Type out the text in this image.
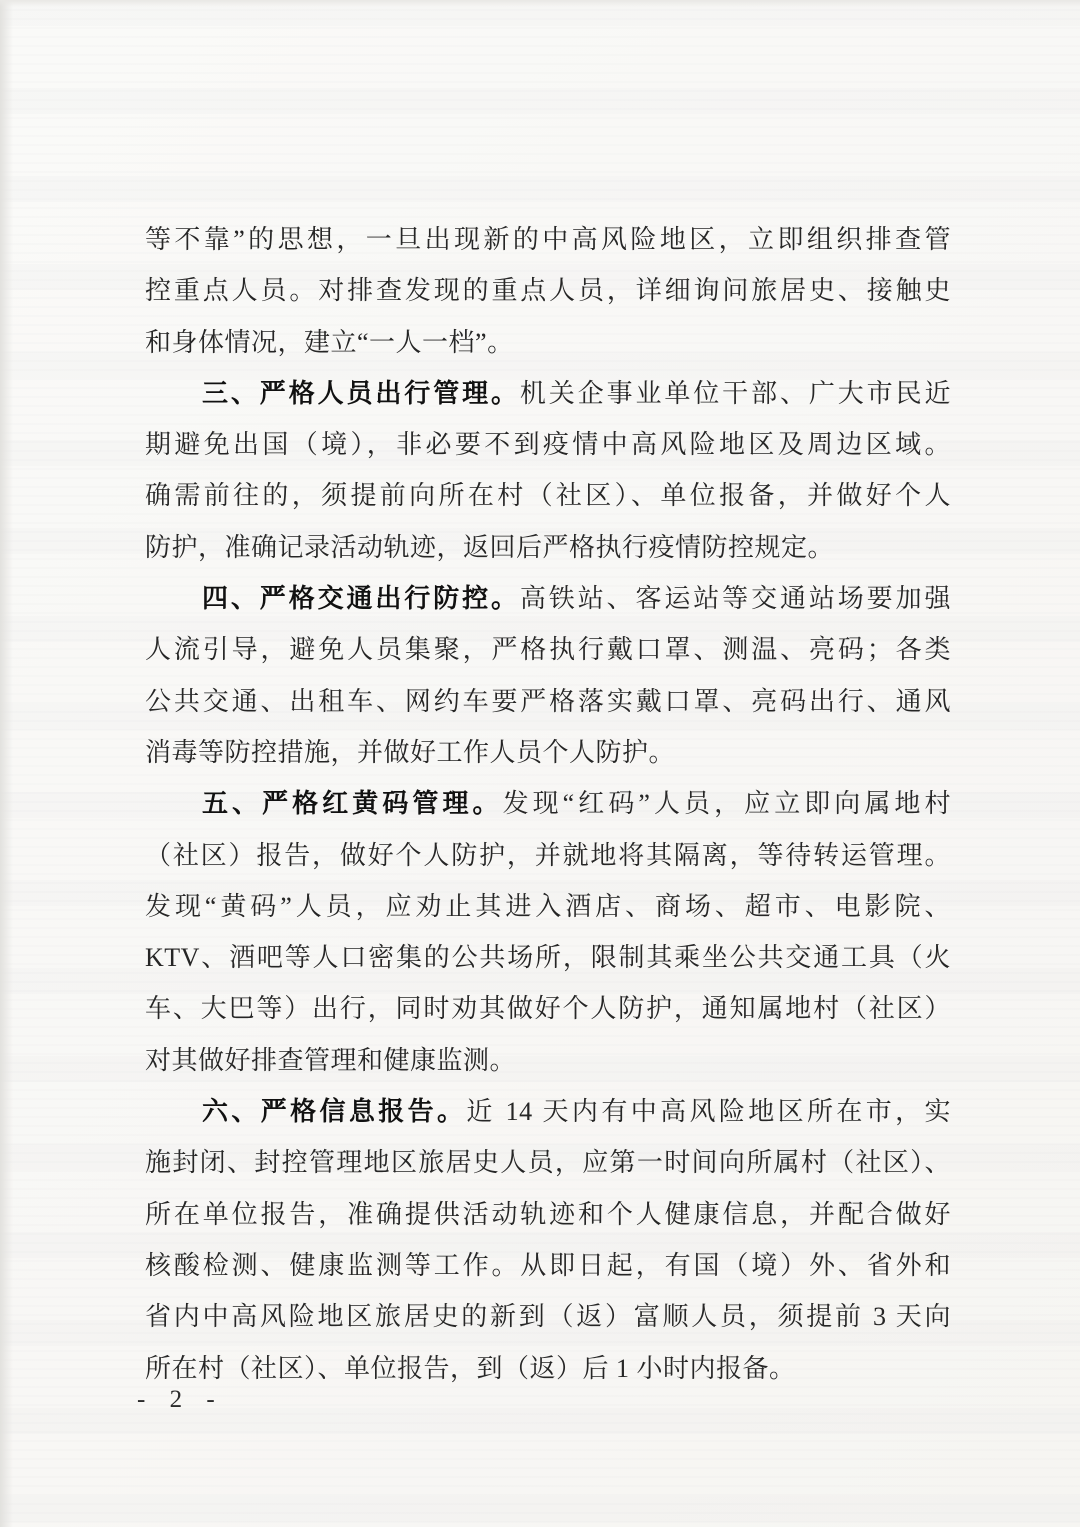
等不靠”的思想，一旦出现新的中高风险地区，立即组织排查管
控重点人员。对排查发现的重点人员，详细询问旅居史、接触史
和身体情况，建立“一人一档”。
三、严格人员出行管理。机关企事业单位干部、广大市民近
期避免出国（境），非必要不到疫情中高风险地区及周边区域。
确需前往的，须提前向所在村（社区）、单位报备，并做好个人
防护，准确记录活动轨迹，返回后严格执行疫情防控规定。
四、严格交通出行防控。高铁站、客运站等交通站场要加强
人流引导，避免人员集聚，严格执行戴口罩、测温、亮码；各类
公共交通、出租车、网约车要严格落实戴口罩、亮码出行、通风
消毒等防控措施，并做好工作人员个人防护。
五、严格红黄码管理。发现“红码”人员，应立即向属地村
（社区）报告，做好个人防护，并就地将其隔离，等待转运管理。
发现“黄码”人员，应劝止其进入酒店、商场、超市、电影院、
KTV、酒吧等人口密集的公共场所，限制其乘坐公共交通工具（火
车、大巴等）出行，同时劝其做好个人防护，通知属地村（社区）
对其做好排查管理和健康监测。
六、严格信息报告。近 14 天内有中高风险地区所在市，实
施封闭、封控管理地区旅居史人员，应第一时间向所属村（社区）、
所在单位报告，准确提供活动轨迹和个人健康信息，并配合做好
核酸检测、健康监测等工作。从即日起，有国（境）外、省外和
省内中高风险地区旅居史的新到（返）富顺人员，须提前 3 天向
所在村（社区）、单位报告，到（返）后 1 小时内报备。
- 2 -
